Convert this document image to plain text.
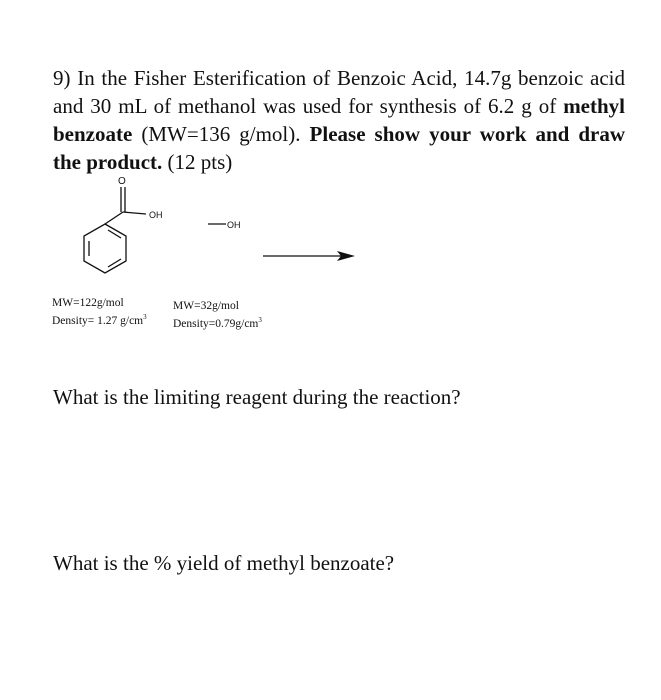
9) In the Fisher Esterification of Benzoic Acid, 14.7g benzoic acid and 30 mL of methanol was used for synthesis of 6.2 g of methyl benzoate (MW=136 g/mol). Please show your work and draw the product. (12 pts)
O
OH
OH
MW=122g/mol
Density= 1.27 $g/cm^3$
MW=32g/mol
$Density=0.79g/cm^3$
What is the limiting reagent during the reaction?
What is the % yield of methyl benzoate?
